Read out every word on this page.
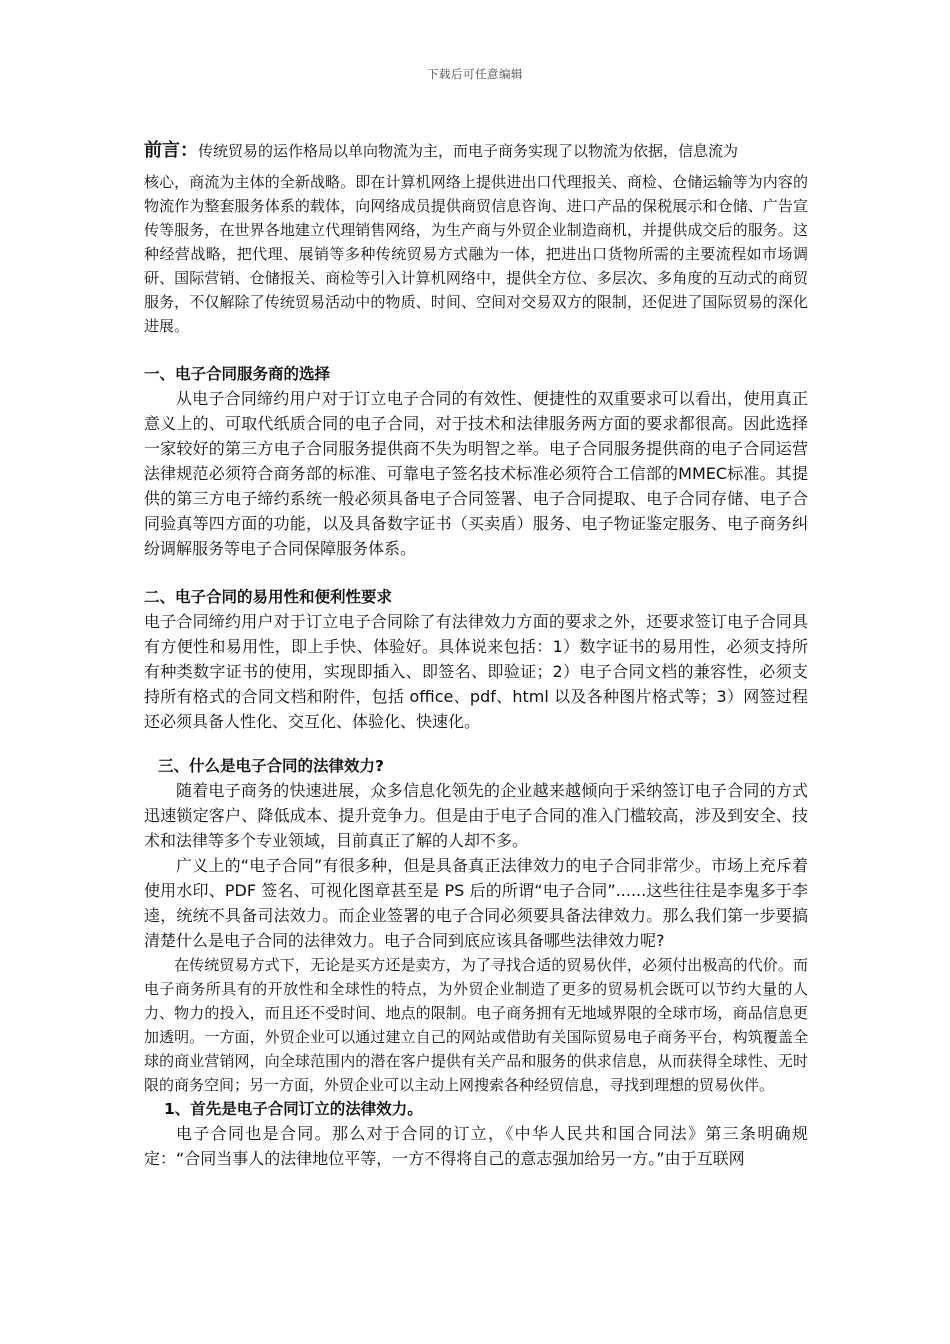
下载后可任意编辑

前言：传统贸易的运作格局以单向物流为主，而电子商务实现了以物流为依据，信息流为

核心，商流为主体的全新战略。即在计算机网络上提供进出口代理报关、商检、仓储运输等为内容的物流作为整套服务体系的载体，向网络成员提供商贸信息咨询、进口产品的保税展示和仓储、广告宣传等服务，在世界各地建立代理销售网络，为生产商与外贸企业制造商机，并提供成交后的服务。这种经营战略，把代理、展销等多种传统贸易方式融为一体，把进出口货物所需的主要流程如市场调研、国际营销、仓储报关、商检等引入计算机网络中，提供全方位、多层次、多角度的互动式的商贸服务，不仅解除了传统贸易活动中的物质、时间、空间对交易双方的限制，还促进了国际贸易的深化进展。

一、电子合同服务商的选择

从电子合同缔约用户对于订立电子合同的有效性、便捷性的双重要求可以看出，使用真正意义上的、可取代纸质合同的电子合同，对于技术和法律服务两方面的要求都很高。因此选择一家较好的第三方电子合同服务提供商不失为明智之举。电子合同服务提供商的电子合同运营法律规范必须符合商务部的标准、可靠电子签名技术标准必须符合工信部的MMEC标准。其提供的第三方电子缔约系统一般必须具备电子合同签署、电子合同提取、电子合同存储、电子合同验真等四方面的功能，以及具备数字证书（买卖盾）服务、电子物证鉴定服务、电子商务纠纷调解服务等电子合同保障服务体系。

二、电子合同的易用性和便利性要求

电子合同缔约用户对于订立电子合同除了有法律效力方面的要求之外，还要求签订电子合同具有方便性和易用性，即上手快、体验好。具体说来包括：1）数字证书的易用性，必须支持所有种类数字证书的使用，实现即插入、即签名、即验证；2）电子合同文档的兼容性，必须支持所有格式的合同文档和附件，包括 office、pdf、html 以及各种图片格式等；3）网签过程还必须具备人性化、交互化、体验化、快速化。

三、什么是电子合同的法律效力?

随着电子商务的快速进展，众多信息化领先的企业越来越倾向于采纳签订电子合同的方式迅速锁定客户、降低成本、提升竞争力。但是由于电子合同的准入门槛较高，涉及到安全、技术和法律等多个专业领域，目前真正了解的人却不多。

广义上的“电子合同”有很多种，但是具备真正法律效力的电子合同非常少。市场上充斥着使用水印、PDF 签名、可视化图章甚至是 PS 后的所谓“电子合同”......这些往往是李鬼多于李逵，统统不具备司法效力。而企业签署的电子合同必须要具备法律效力。那么我们第一步要搞清楚什么是电子合同的法律效力。电子合同到底应该具备哪些法律效力呢?

在传统贸易方式下，无论是买方还是卖方，为了寻找合适的贸易伙伴，必须付出极高的代价。而电子商务所具有的开放性和全球性的特点，为外贸企业制造了更多的贸易机会既可以节约大量的人力、物力的投入，而且还不受时间、地点的限制。电子商务拥有无地域界限的全球市场，商品信息更加透明。一方面，外贸企业可以通过建立自己的网站或借助有关国际贸易电子商务平台，构筑覆盖全球的商业营销网，向全球范围内的潜在客户提供有关产品和服务的供求信息，从而获得全球性、无时限的商务空间；另一方面，外贸企业可以主动上网搜索各种经贸信息，寻找到理想的贸易伙伴。

1、首先是电子合同订立的法律效力。

电子合同也是合同。那么对于合同的订立，《中华人民共和国合同法》第三条明确规定：“合同当事人的法律地位平等，一方不得将自己的意志强加给另一方。”由于互联网
